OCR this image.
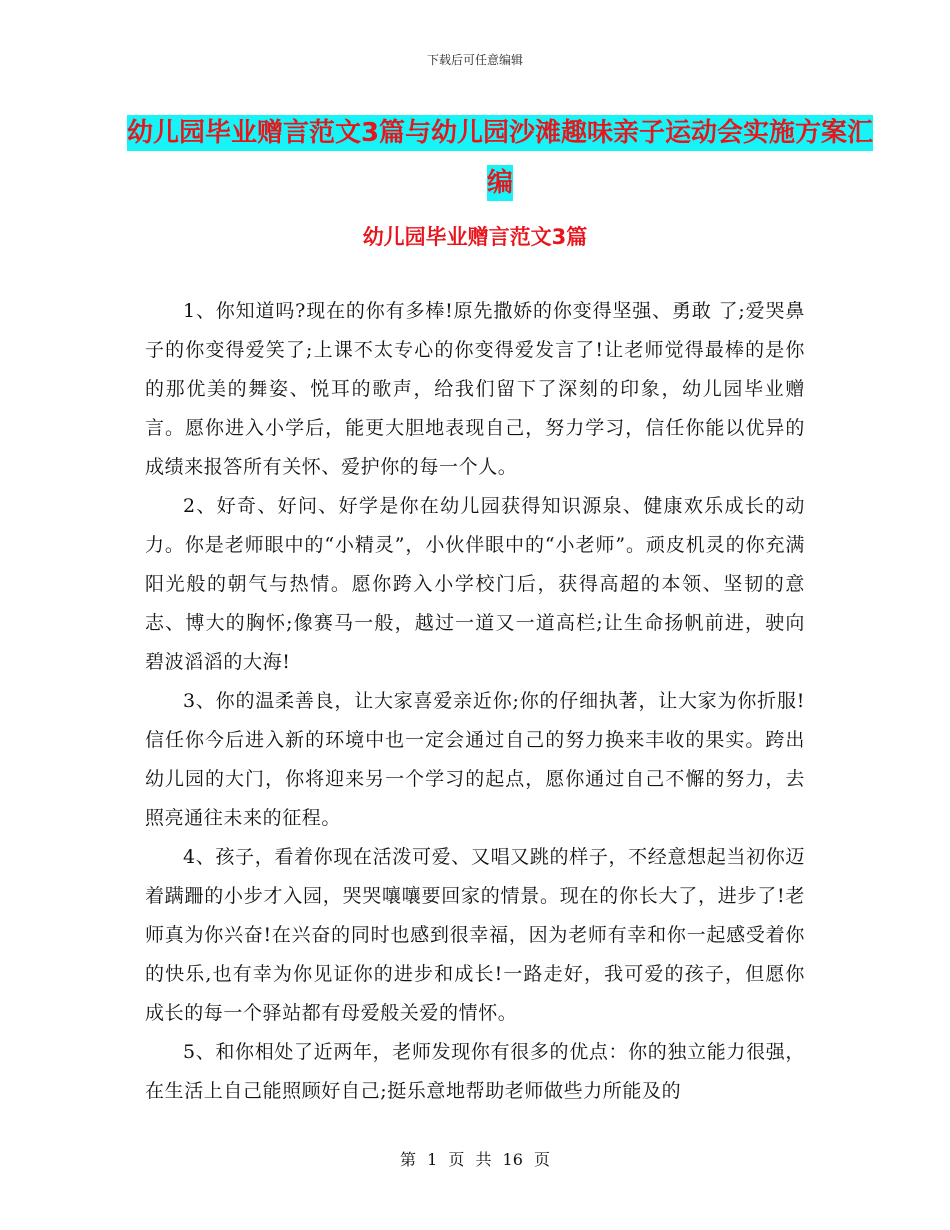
下载后可任意编辑
幼儿园毕业赠言范文3篇与幼儿园沙滩趣味亲子运动会实施方案汇编
幼儿园毕业赠言范文3篇

1、你知道吗?现在的你有多棒!原先撒娇的你变得坚强、勇敢 了;爱哭鼻子的你变得爱笑了;上课不太专心的你变得爱发言了!让老师觉得最棒的是你的那优美的舞姿、悦耳的歌声，给我们留下了深刻的印象，幼儿园毕业赠言。愿你进入小学后，能更大胆地表现自己，努力学习，信任你能以优异的成绩来报答所有关怀、爱护你的每一个人。

2、好奇、好问、好学是你在幼儿园获得知识源泉、健康欢乐成长的动力。你是老师眼中的“小精灵”，小伙伴眼中的“小老师”。顽皮机灵的你充满阳光般的朝气与热情。愿你跨入小学校门后，获得高超的本领、坚韧的意志、博大的胸怀;像赛马一般，越过一道又一道高栏;让生命扬帆前进，驶向碧波滔滔的大海!

3、你的温柔善良，让大家喜爱亲近你;你的仔细执著，让大家为你折服!信任你今后进入新的环境中也一定会通过自己的努力换来丰收的果实。跨出幼儿园的大门，你将迎来另一个学习的起点，愿你通过自己不懈的努力，去照亮通往未来的征程。

4、孩子，看着你现在活泼可爱、又唱又跳的样子，不经意想起当初你迈着蹒跚的小步才入园，哭哭嚷嚷要回家的情景。现在的你长大了，进步了!老师真为你兴奋!在兴奋的同时也感到很幸福，因为老师有幸和你一起感受着你的快乐,也有幸为你见证你的进步和成长!一路走好，我可爱的孩子，但愿你成长的每一个驿站都有母爱般关爱的情怀。

5、和你相处了近两年，老师发现你有很多的优点：你的独立能力很强，在生活上自己能照顾好自己;挺乐意地帮助老师做些力所能及的

第 1 页 共 16 页
